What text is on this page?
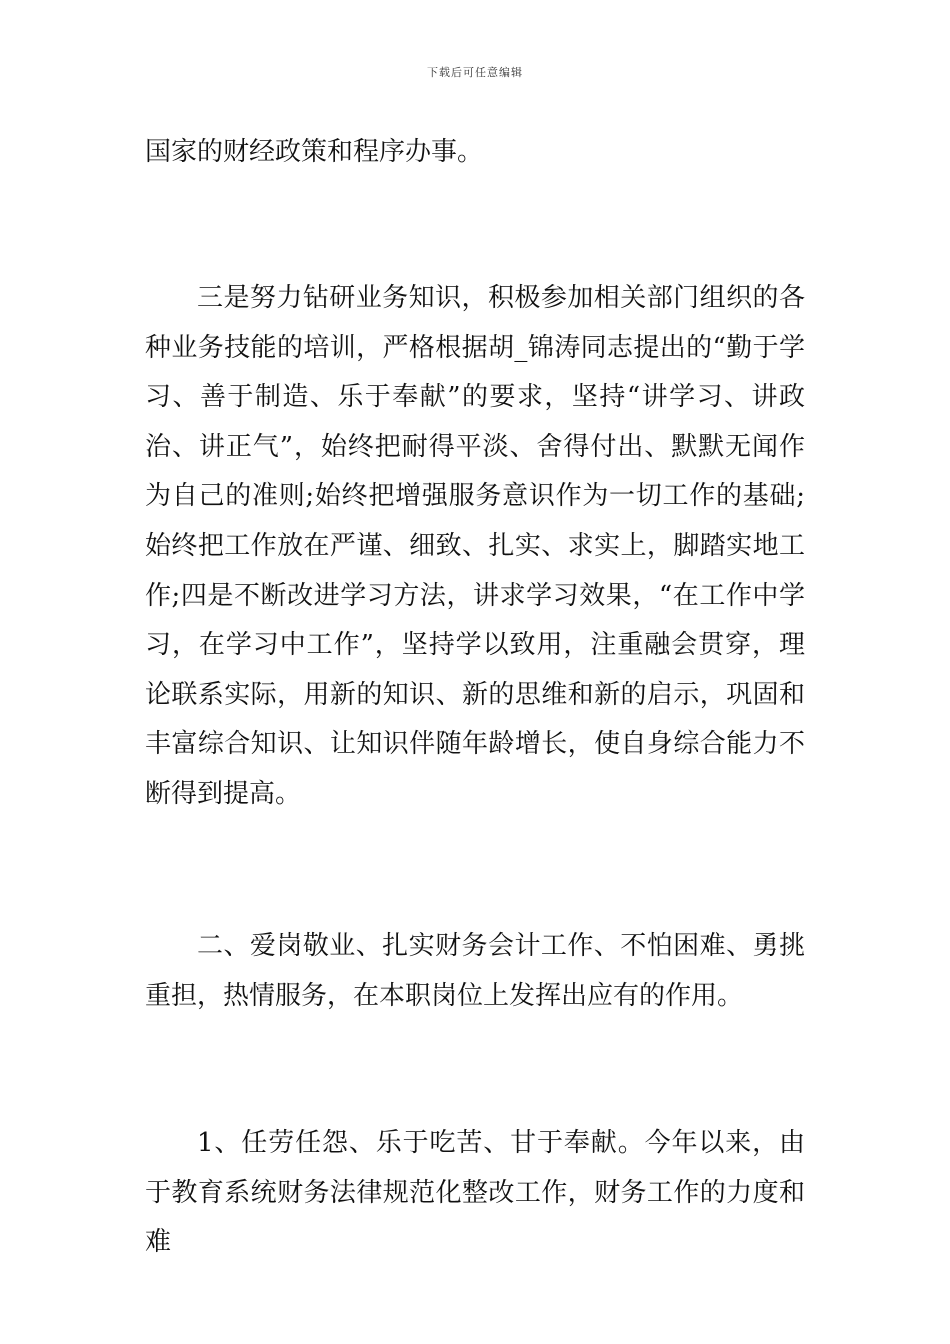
下载后可任意编辑

国家的财经政策和程序办事。

三是努力钻研业务知识，积极参加相关部门组织的各种业务技能的培训，严格根据胡_锦涛同志提出的“勤于学习、善于制造、乐于奉献”的要求，坚持“讲学习、讲政治、讲正气”，始终把耐得平淡、舍得付出、默默无闻作为自己的准则;始终把增强服务意识作为一切工作的基础;始终把工作放在严谨、细致、扎实、求实上，脚踏实地工作;四是不断改进学习方法，讲求学习效果，“在工作中学习，在学习中工作”，坚持学以致用，注重融会贯穿，理论联系实际，用新的知识、新的思维和新的启示，巩固和丰富综合知识、让知识伴随年龄增长，使自身综合能力不断得到提高。

二、爱岗敬业、扎实财务会计工作、不怕困难、勇挑重担，热情服务，在本职岗位上发挥出应有的作用。

1、任劳任怨、乐于吃苦、甘于奉献。今年以来，由于教育系统财务法律规范化整改工作，财务工作的力度和难
